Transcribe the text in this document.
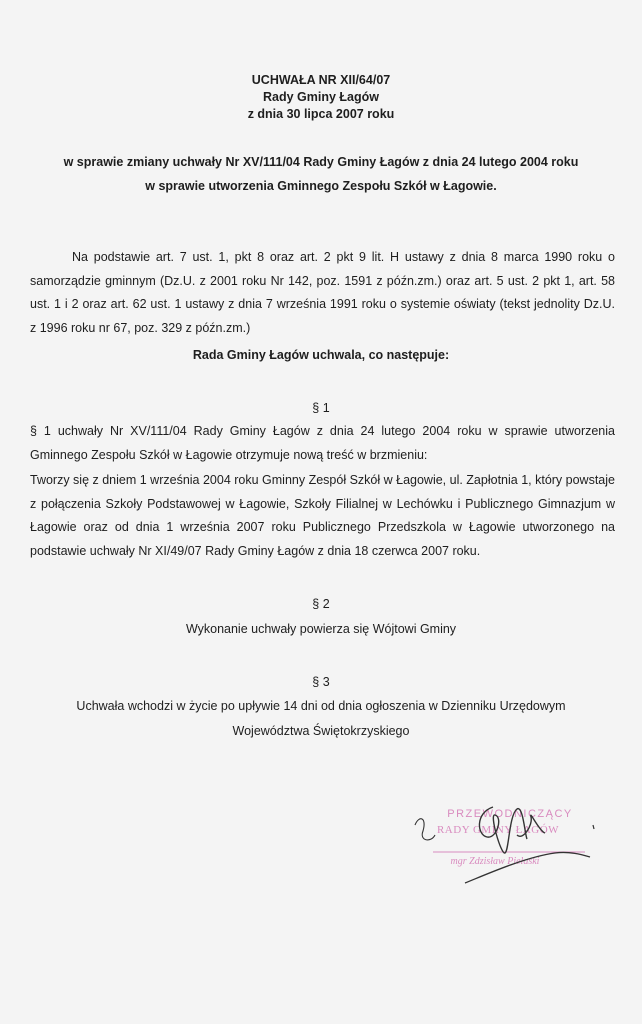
UCHWAŁA NR XII/64/07
Rady Gminy Łagów
z dnia 30 lipca 2007 roku
w sprawie zmiany uchwały Nr XV/111/04 Rady Gminy Łagów z dnia 24 lutego 2004 roku
w sprawie utworzenia Gminnego Zespołu Szkół w Łagowie.
Na podstawie art. 7 ust. 1, pkt 8 oraz art. 2 pkt 9 lit. H ustawy z dnia 8 marca 1990 roku o samorządzie gminnym (Dz.U. z 2001 roku Nr 142, poz. 1591 z późn.zm.) oraz art. 5 ust. 2 pkt 1, art. 58 ust. 1 i 2 oraz art. 62 ust. 1 ustawy z dnia 7 września 1991 roku o systemie oświaty (tekst jednolity Dz.U. z 1996 roku nr 67, poz. 329 z późn.zm.)
Rada Gminy Łagów uchwala, co następuje:
§ 1
§ 1 uchwały Nr XV/111/04 Rady Gminy Łagów z dnia 24 lutego 2004 roku w sprawie utworzenia Gminnego Zespołu Szkół w Łagowie otrzymuje nową treść w brzmieniu:
Tworzy się z dniem 1 września 2004 roku Gminny Zespół Szkół w Łagowie, ul. Zapłotnia 1, który powstaje z połączenia Szkoły Podstawowej w Łagowie, Szkoły Filialnej w Lechówku i Publicznego Gimnazjum w Łagowie oraz od dnia 1 września 2007 roku Publicznego Przedszkola w Łagowie utworzonego na podstawie uchwały Nr XI/49/07 Rady Gminy Łagów z dnia 18 czerwca 2007 roku.
§ 2
Wykonanie uchwały powierza się Wójtowi Gminy
§ 3
Uchwała wchodzi w życie po upływie 14 dni od dnia ogłoszenia w Dzienniku Urzędowym
Województwa Świętokrzyskiego
PRZEWODNICZĄCY
RADY GMINY ŁAGÓW
mgr Zdzisław Pielaski
